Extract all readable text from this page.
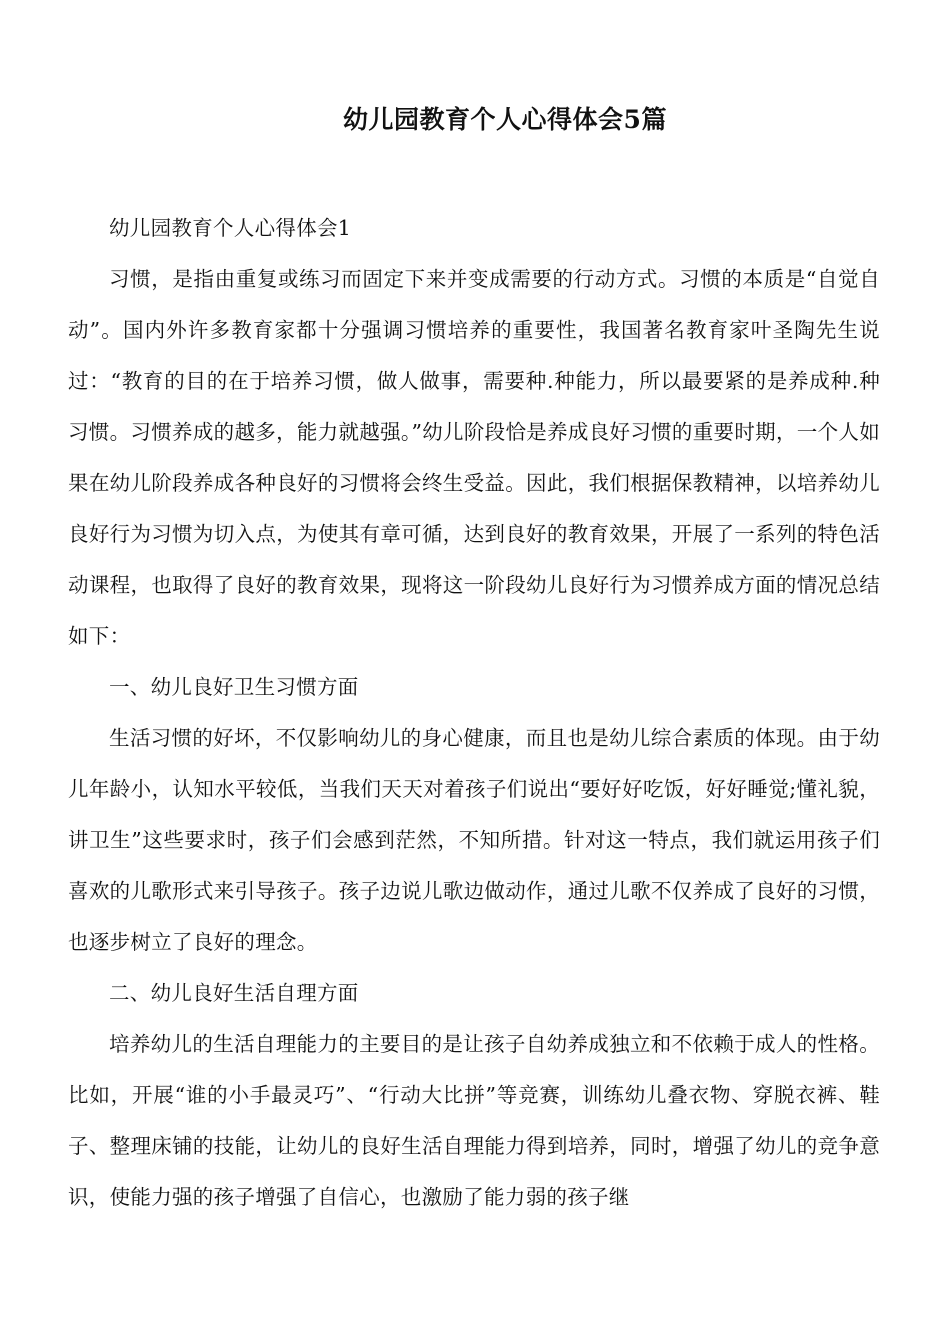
幼儿园教育个人心得体会5篇

幼儿园教育个人心得体会1

习惯，是指由重复或练习而固定下来并变成需要的行动方式。习惯的本质是“自觉自动”。国内外许多教育家都十分强调习惯培养的重要性，我国著名教育家叶圣陶先生说过：“教育的目的在于培养习惯，做人做事，需要种.种能力，所以最要紧的是养成种.种习惯。习惯养成的越多，能力就越强。”幼儿阶段恰是养成良好习惯的重要时期，一个人如果在幼儿阶段养成各种良好的习惯将会终生受益。因此，我们根据保教精神，以培养幼儿良好行为习惯为切入点，为使其有章可循，达到良好的教育效果，开展了一系列的特色活动课程，也取得了良好的教育效果，现将这一阶段幼儿良好行为习惯养成方面的情况总结如下：

一、幼儿良好卫生习惯方面

生活习惯的好坏，不仅影响幼儿的身心健康，而且也是幼儿综合素质的体现。由于幼儿年龄小，认知水平较低，当我们天天对着孩子们说出“要好好吃饭，好好睡觉;懂礼貌，讲卫生”这些要求时，孩子们会感到茫然，不知所措。针对这一特点，我们就运用孩子们喜欢的儿歌形式来引导孩子。孩子边说儿歌边做动作，通过儿歌不仅养成了良好的习惯，也逐步树立了良好的理念。

二、幼儿良好生活自理方面

培养幼儿的生活自理能力的主要目的是让孩子自幼养成独立和不依赖于成人的性格。比如，开展“谁的小手最灵巧”、“行动大比拼”等竞赛，训练幼儿叠衣物、穿脱衣裤、鞋子、整理床铺的技能，让幼儿的良好生活自理能力得到培养，同时，增强了幼儿的竞争意识，使能力强的孩子增强了自信心，也激励了能力弱的孩子继
